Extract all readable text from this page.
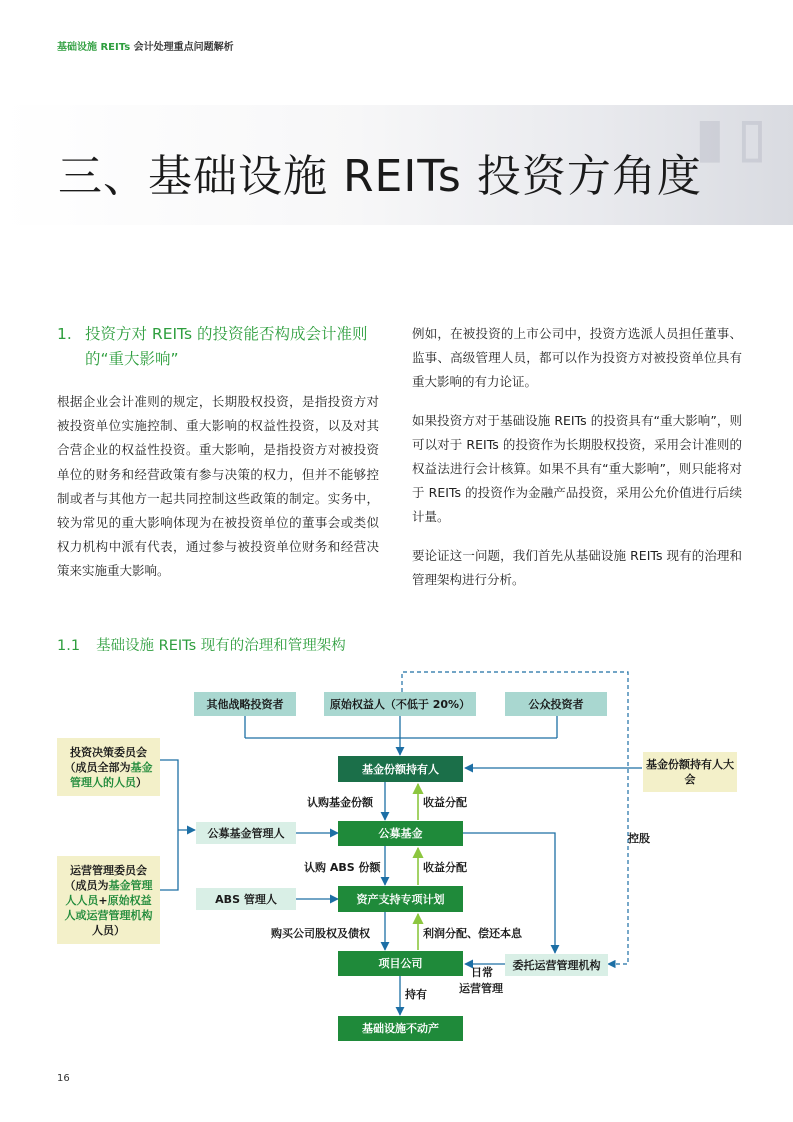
基础设施 REITs 会计处理重点问题解析
▮▯
三、基础设施 REITs 投资方角度
1. 投资方对 REITs 的投资能否构成会计准则的“重大影响”

根据企业会计准则的规定，长期股权投资，是指投资方对被投资单位实施控制、重大影响的权益性投资，以及对其合营企业的权益性投资。重大影响，是指投资方对被投资单位的财务和经营政策有参与决策的权力，但并不能够控制或者与其他方一起共同控制这些政策的制定。实务中，较为常见的重大影响体现为在被投资单位的董事会或类似权力机构中派有代表，通过参与被投资单位财务和经营决策来实施重大影响。

例如，在被投资的上市公司中，投资方选派人员担任董事、监事、高级管理人员，都可以作为投资方对被投资单位具有重大影响的有力论证。

如果投资方对于基础设施 REITs 的投资具有“重大影响”，则可以对于 REITs 的投资作为长期股权投资，采用会计准则的权益法进行会计核算。如果不具有“重大影响”，则只能将对于 REITs 的投资作为金融产品投资，采用公允价值进行后续计量。

要论证这一问题，我们首先从基础设施 REITs 现有的治理和管理架构进行分析。

1.1 基础设施 REITs 现有的治理和管理架构
其他战略投资者	原始权益人（不低于 20%）	公众投资者
基金份额持有人
公募基金
资产支持专项计划
项目公司
基础设施不动产
公募基金管理人
ABS 管理人
委托运营管理机构
基金份额持有人大会
投资决策委员会（成员全部为基金管理人的人员）
运营管理委员会（成员为基金管理人人员+原始权益人或运营管理机构人员）
认购基金份额	收益分配
认购 ABS 份额	收益分配
购买公司股权及债权	利润分配、偿还本息
持有
日常
运营管理
控股
16
